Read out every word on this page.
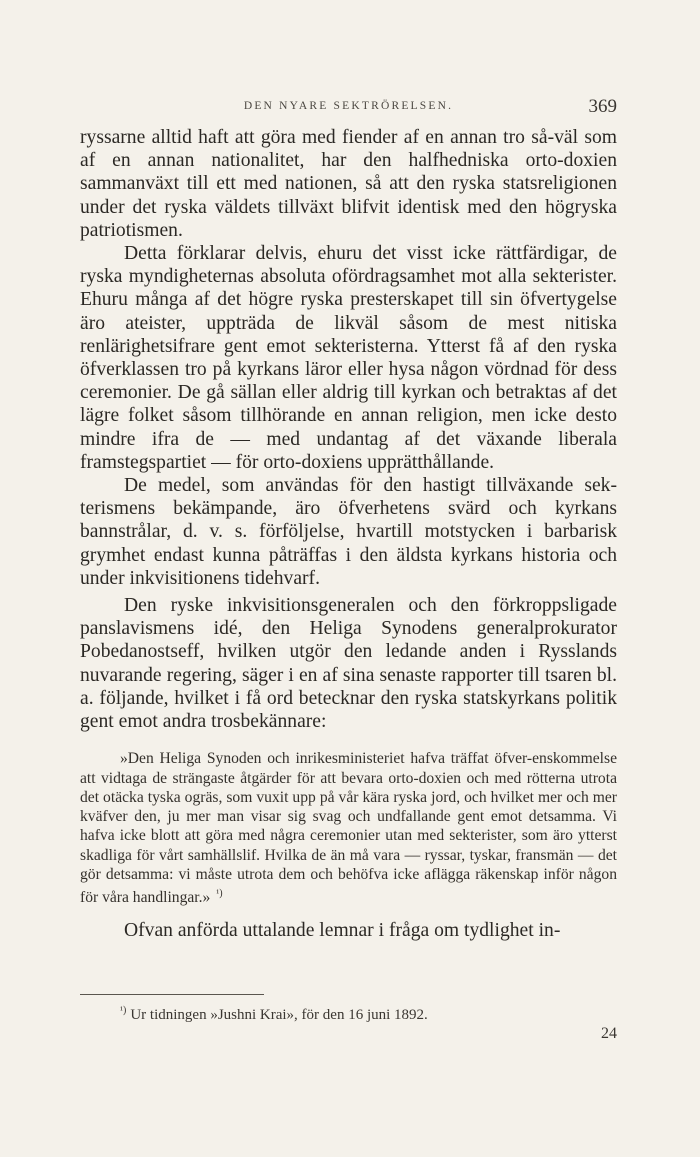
DEN NYARE SEKTRÖRELSEN.	369

ryssarne alltid haft att göra med fiender af en annan tro så-väl som af en annan nationalitet, har den halfhedniska orto-doxien sammanväxt till ett med nationen, så att den ryska statsreligionen under det ryska väldets tillväxt blifvit identisk med den högryska patriotismen.

Detta förklarar delvis, ehuru det visst icke rättfärdigar, de ryska myndigheternas absoluta ofördragsamhet mot alla sekterister. Ehuru många af det högre ryska presterskapet till sin öfvertygelse äro ateister, uppträda de likväl såsom de mest nitiska renlärighetsifrare gent emot sekteristerna. Ytterst få af den ryska öfverklassen tro på kyrkans läror eller hysa någon vördnad för dess ceremonier. De gå sällan eller aldrig till kyrkan och betraktas af det lägre folket såsom tillhörande en annan religion, men icke desto mindre ifra de — med undantag af det växande liberala framstegspartiet — för orto-doxiens upprätthållande.

De medel, som användas för den hastigt tillväxande sek-terismens bekämpande, äro öfverhetens svärd och kyrkans bannstrålar, d. v. s. förföljelse, hvartill motstycken i barbarisk grymhet endast kunna påträffas i den äldsta kyrkans historia och under inkvisitionens tidehvarf.

Den ryske inkvisitionsgeneralen och den förkroppsligade panslavismens idé, den Heliga Synodens generalprokurator Pobedanostseff, hvilken utgör den ledande anden i Rysslands nuvarande regering, säger i en af sina senaste rapporter till tsaren bl. a. följande, hvilket i få ord betecknar den ryska statskyrkans politik gent emot andra trosbekännare:

»Den Heliga Synoden och inrikesministeriet hafva träffat öfver-enskommelse att vidtaga de strängaste åtgärder för att bevara orto-doxien och med rötterna utrota det otäcka tyska ogräs, som vuxit upp på vår kära ryska jord, och hvilket mer och mer kväfver den, ju mer man visar sig svag och undfallande gent emot detsamma. Vi hafva icke blott att göra med några ceremonier utan med sekterister, som äro ytterst skadliga för vårt samhällslif. Hvilka de än må vara — ryssar, tyskar, fransmän — det gör detsamma: vi måste utrota dem och behöfva icke aflägga räkenskap inför någon för våra handlingar.» $^{^1)}$

Ofvan anförda uttalande lemnar i fråga om tydlighet in-

$^{^1)}$ Ur tidningen »Jushni Krai», för den 16 juni 1892.
24
